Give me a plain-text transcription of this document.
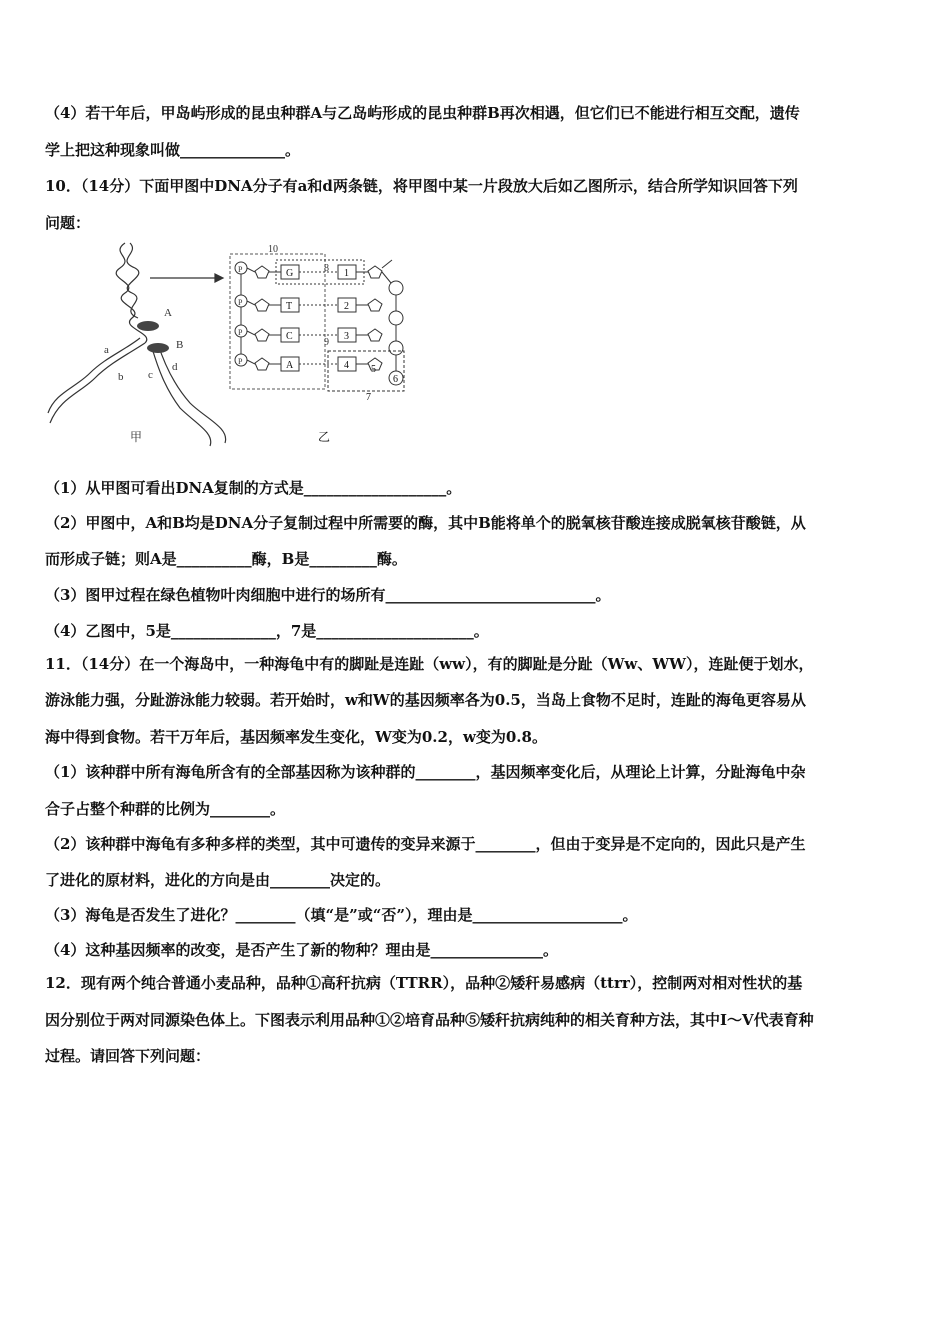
（4）若干年后，甲岛屿形成的昆虫种群A与乙岛屿形成的昆虫种群B再次相遇，但它们已不能进行相互交配，遗传
学上把这种现象叫做______________。
10．（14分）下面甲图中DNA分子有a和d两条链，将甲图中某一片段放大后如乙图所示，结合所学知识回答下列
问题：
A
B
a
b c
d
甲
10
8
9
P
P
P
P
G
T
C
A
1
2
3
4 5
6
7
乙
（1）从甲图可看出DNA复制的方式是___________________。
（2）甲图中，A和B均是DNA分子复制过程中所需要的酶，其中B能将单个的脱氧核苷酸连接成脱氧核苷酸链，从
而形成子链；则A是__________酶，B是_________酶。
（3）图甲过程在绿色植物叶肉细胞中进行的场所有____________________________。
（4）乙图中，5是______________，7是_____________________。
11．（14分）在一个海岛中，一种海龟中有的脚趾是连趾（ww），有的脚趾是分趾（Ww、WW），连趾便于划水，
游泳能力强，分趾游泳能力较弱。若开始时，w和W的基因频率各为0.5，当岛上食物不足时，连趾的海龟更容易从
海中得到食物。若干万年后，基因频率发生变化，W变为0.2，w变为0.8。
（1）该种群中所有海龟所含有的全部基因称为该种群的________，基因频率变化后，从理论上计算，分趾海龟中杂
合子占整个种群的比例为________。
（2）该种群中海龟有多种多样的类型，其中可遗传的变异来源于________，但由于变异是不定向的，因此只是产生
了进化的原材料，进化的方向是由________决定的。
（3）海龟是否发生了进化？________（填“是”或“否”），理由是____________________。
（4）这种基因频率的改变，是否产生了新的物种？理由是_______________。
12．现有两个纯合普通小麦品种，品种①高秆抗病（TTRR），品种②矮秆易感病（ttrr），控制两对相对性状的基
因分别位于两对同源染色体上。下图表示利用品种①②培育品种⑤矮秆抗病纯种的相关育种方法，其中I～V代表育种
过程。请回答下列问题：
